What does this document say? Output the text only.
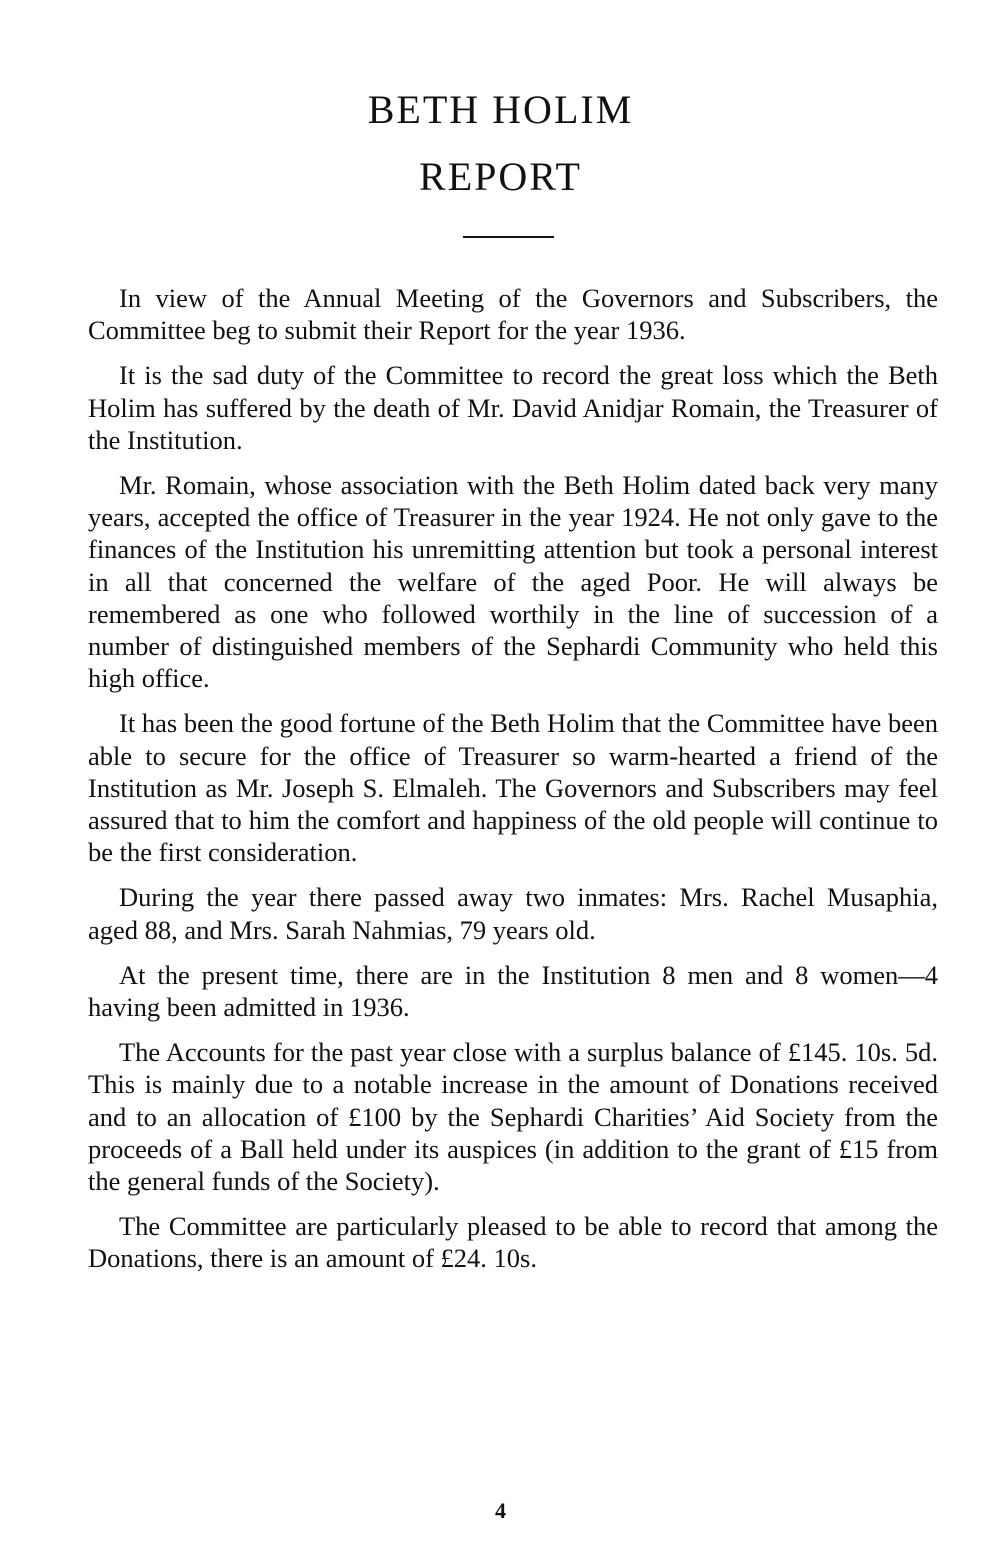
BETH HOLIM
REPORT

In view of the Annual Meeting of the Governors and Subscribers, the Committee beg to submit their Report for the year 1936.

It is the sad duty of the Committee to record the great loss which the Beth Holim has suffered by the death of Mr. David Anidjar Romain, the Treasurer of the Institution.

Mr. Romain, whose association with the Beth Holim dated back very many years, accepted the office of Treasurer in the year 1924. He not only gave to the finances of the Institution his unremitting attention but took a personal interest in all that concerned the welfare of the aged Poor. He will always be remembered as one who followed worthily in the line of succession of a number of distinguished members of the Sephardi Community who held this high office.

It has been the good fortune of the Beth Holim that the Committee have been able to secure for the office of Treasurer so warm-hearted a friend of the Institution as Mr. Joseph S. Elmaleh. The Governors and Subscribers may feel assured that to him the comfort and happiness of the old people will continue to be the first consideration.

During the year there passed away two inmates: Mrs. Rachel Musaphia, aged 88, and Mrs. Sarah Nahmias, 79 years old.

At the present time, there are in the Institution 8 men and 8 women—4 having been admitted in 1936.

The Accounts for the past year close with a surplus balance of £145. 10s. 5d. This is mainly due to a notable increase in the amount of Donations received and to an allocation of £100 by the Sephardi Charities’ Aid Society from the proceeds of a Ball held under its auspices (in addition to the grant of £15 from the general funds of the Society).

The Committee are particularly pleased to be able to record that among the Donations, there is an amount of £24. 10s.

4
